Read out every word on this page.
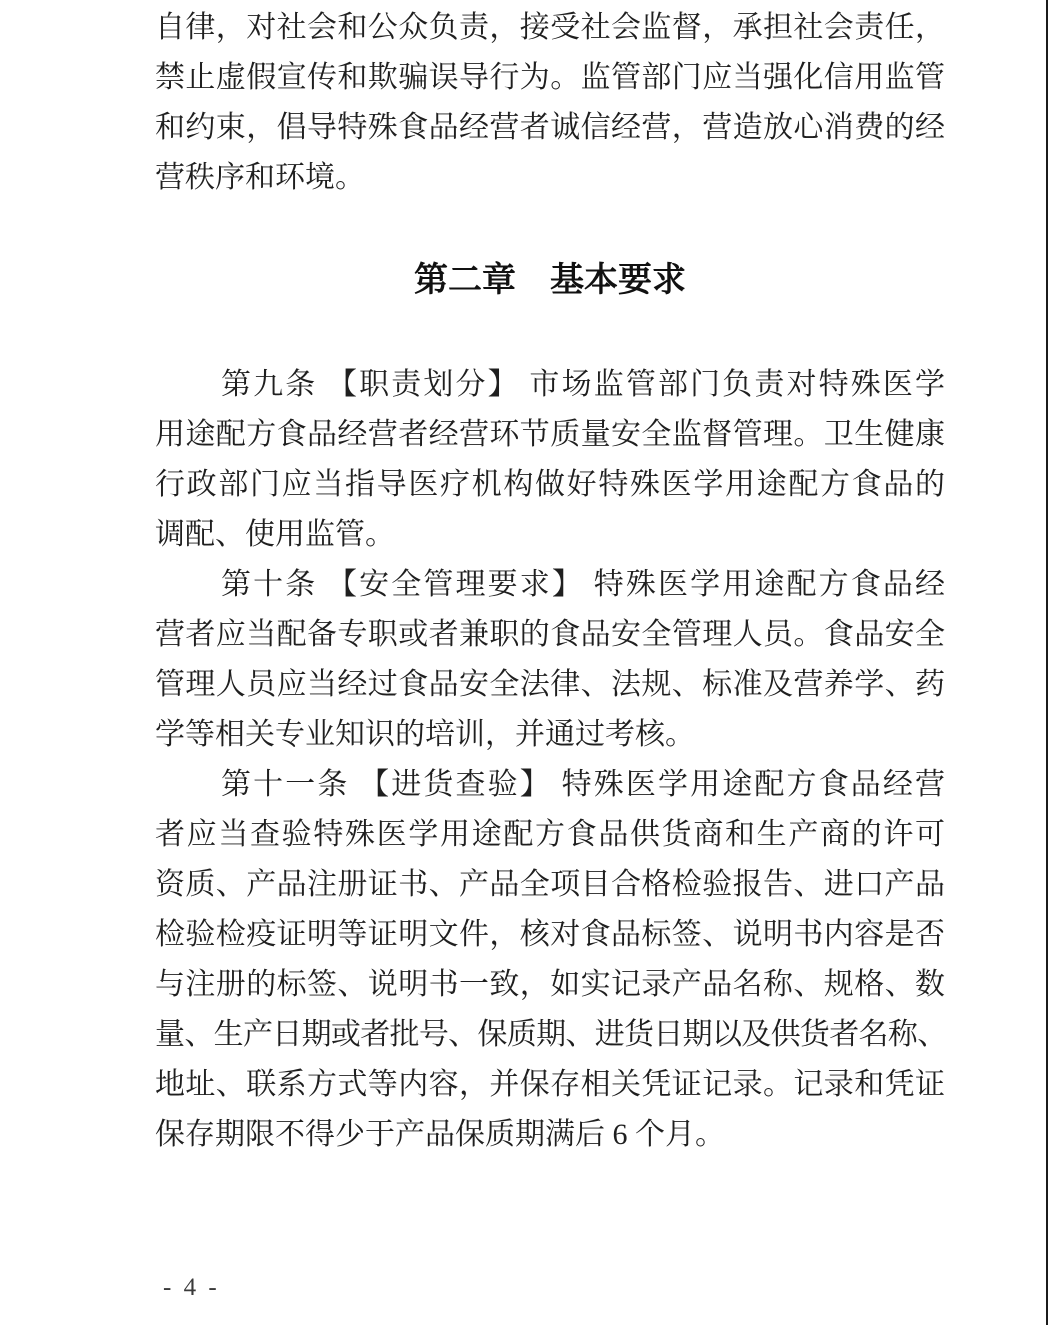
自律，对社会和公众负责，接受社会监督，承担社会责任，
禁止虚假宣传和欺骗误导行为。监管部门应当强化信用监管
和约束，倡导特殊食品经营者诚信经营，营造放心消费的经
营秩序和环境。
第二章　基本要求
第九条 【职责划分】 市场监管部门负责对特殊医学
用途配方食品经营者经营环节质量安全监督管理。卫生健康
行政部门应当指导医疗机构做好特殊医学用途配方食品的
调配、使用监管。
第十条 【安全管理要求】 特殊医学用途配方食品经
营者应当配备专职或者兼职的食品安全管理人员。食品安全
管理人员应当经过食品安全法律、法规、标准及营养学、药
学等相关专业知识的培训，并通过考核。
第十一条 【进货查验】 特殊医学用途配方食品经营
者应当查验特殊医学用途配方食品供货商和生产商的许可
资质、产品注册证书、产品全项目合格检验报告、进口产品
检验检疫证明等证明文件，核对食品标签、说明书内容是否
与注册的标签、说明书一致，如实记录产品名称、规格、数
量、生产日期或者批号、保质期、进货日期以及供货者名称、
地址、联系方式等内容，并保存相关凭证记录。记录和凭证
保存期限不得少于产品保质期满后 6 个月。
- 4 -
